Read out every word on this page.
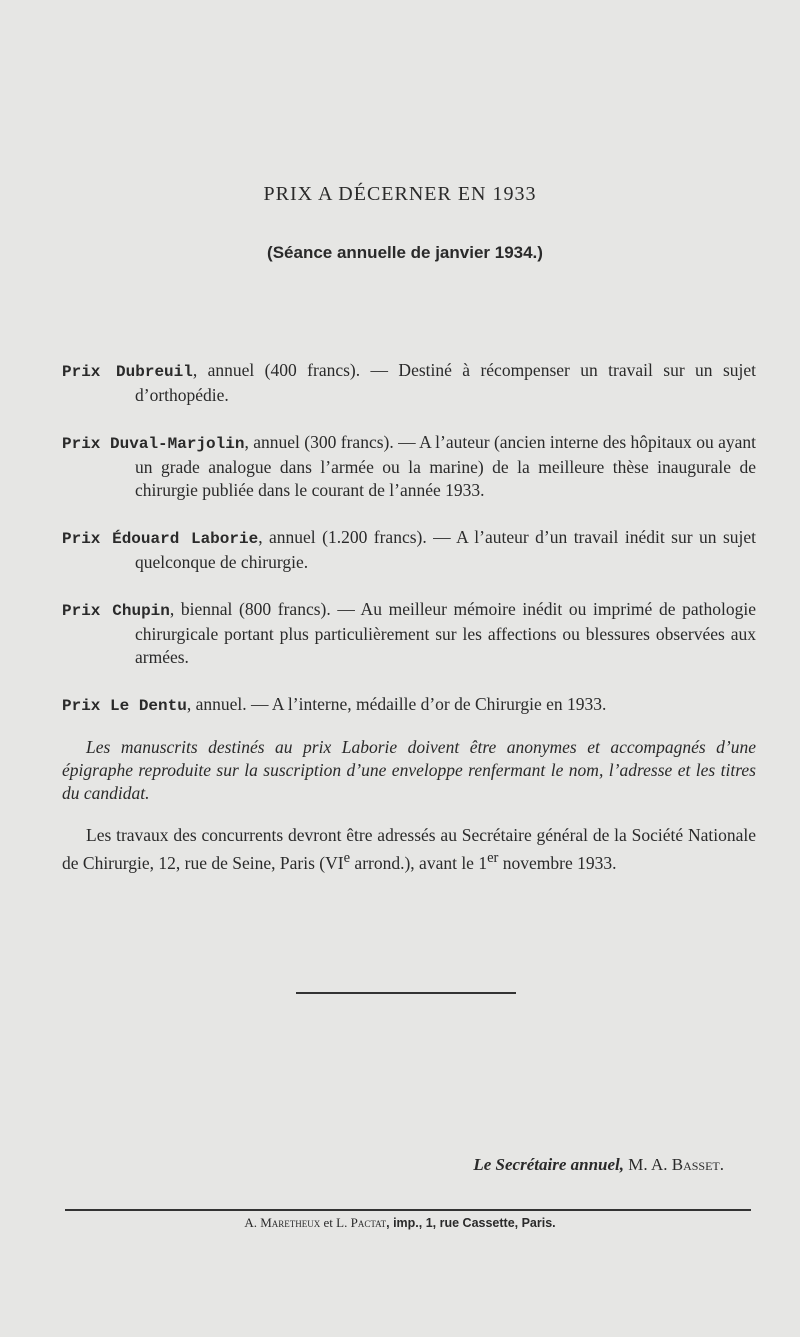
PRIX A DÉCERNER EN 1933
(Séance annuelle de janvier 1934.)

Prix Dubreuil, annuel (400 francs). — Destiné à récompenser un travail sur un sujet d’orthopédie.

Prix Duval-Marjolin, annuel (300 francs). — A l’auteur (ancien interne des hôpitaux ou ayant un grade analogue dans l’armée ou la marine) de la meilleure thèse inaugurale de chirurgie publiée dans le courant de l’année 1933.

Prix Édouard Laborie, annuel (1.200 francs). — A l’auteur d’un travail inédit sur un sujet quelconque de chirurgie.

Prix Chupin, biennal (800 francs). — Au meilleur mémoire inédit ou imprimé de pathologie chirurgicale portant plus particulièrement sur les affections ou blessures observées aux armées.

Prix Le Dentu, annuel. — A l’interne, médaille d’or de Chirurgie en 1933.

Les manuscrits destinés au prix Laborie doivent être anonymes et accompagnés d’une épigraphe reproduite sur la suscription d’une enveloppe renfermant le nom, l’adresse et les titres du candidat.

Les travaux des concurrents devront être adressés au Secrétaire général de la Société Nationale de Chirurgie, 12, rue de Seine, Paris (VIe arrond.), avant le 1er novembre 1933.

Le Secrétaire annuel, M. A. Basset.
A. Maretheux et L. Pactat, imp., 1, rue Cassette, Paris.
